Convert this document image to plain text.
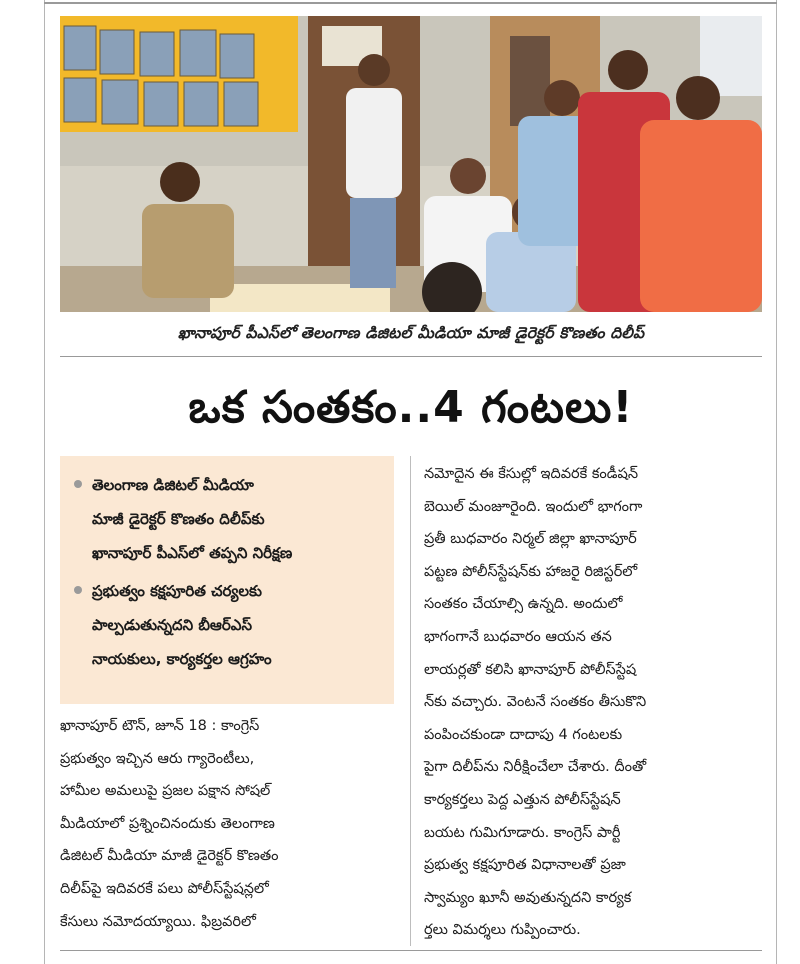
ఖానాపూర్ పీఎస్‌లో తెలంగాణ డిజిటల్ మీడియా మాజీ డైరెక్టర్ కొణతం దిలీప్
ఒక సంతకం..4 గంటలు!
తెలంగాణ డిజిటల్ మీడియా
మాజీ డైరెక్టర్ కొణతం దిలీప్‌కు
ఖానాపూర్ పీఎస్‌లో తప్పని నిరీక్షణ
ప్రభుత్వం కక్షపూరిత చర్యలకు
పాల్పడుతున్నదని బీఆర్ఎస్
నాయకులు, కార్యకర్తల ఆగ్రహం
ఖానాపూర్ టౌన్, జూన్ 18 : కాంగ్రెస్
ప్రభుత్వం ఇచ్చిన ఆరు గ్యారెంటీలు,
హామీల అమలుపై ప్రజల పక్షాన సోషల్
మీడియాలో ప్రశ్నించినందుకు తెలంగాణ
డిజిటల్ మీడియా మాజీ డైరెక్టర్ కొణతం
దిలీప్‌పై ఇదివరకే పలు పోలీస్‌స్టేషన్లలో
కేసులు నమోదయ్యాయి. ఫిబ్రవరిలో
నమోదైన ఈ కేసుల్లో ఇదివరకే కండీషన్
బెయిల్ మంజూరైంది. ఇందులో భాగంగా
ప్రతీ బుధవారం నిర్మల్ జిల్లా ఖానాపూర్
పట్టణ పోలీస్‌స్టేషన్‌కు హాజరై రిజిస్టర్‌లో
సంతకం చేయాల్సి ఉన్నది. అందులో
భాగంగానే బుధవారం ఆయన తన
లాయర్లతో కలిసి ఖానాపూర్ పోలీస్‌స్టేష
న్‌కు వచ్చారు. వెంటనే సంతకం తీసుకొని
పంపించకుండా దాదాపు 4 గంటలకు
పైగా దిలీప్‌ను నిరీక్షించేలా చేశారు. దీంతో
కార్యకర్తలు పెద్ద ఎత్తున పోలీస్‌స్టేషన్
బయట గుమిగూడారు. కాంగ్రెస్ పార్టీ
ప్రభుత్వ కక్షపూరిత విధానాలతో ప్రజా
స్వామ్యం ఖూనీ అవుతున్నదని కార్యక
ర్తలు విమర్శలు గుప్పించారు.
